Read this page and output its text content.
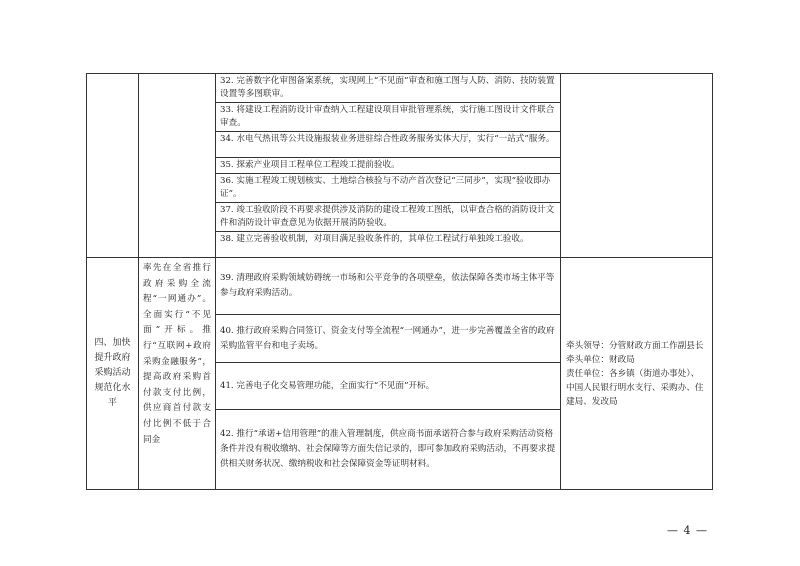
		32. 完善数字化审图备案系统，实现网上“不见面”审查和施工图与人防、消防、技防装置设置等多图联审。	
		33. 将建设工程消防设计审查纳入工程建设项目审批管理系统，实行施工图设计文件联合审查。	
		34. 水电气热讯等公共设施报装业务进驻综合性政务服务实体大厅，实行“一站式”服务。	
		35. 探索产业项目工程单位工程竣工提前验收。	
		36. 实施工程竣工规划核实、土地综合核验与不动产首次登记“三同步”，实现“验收即办证”。	
		37. 竣工验收阶段不再要求提供涉及消防的建设工程竣工图纸，以审查合格的消防设计文件和消防设计审查意见为依据开展消防验收。	
		38. 建立完善验收机制，对项目满足验收条件的，其单位工程试行单独竣工验收。	
四、加快提升政府采购活动规范化水平	率先在全省推行政府采购全流程“一网通办”。全面实行“不见面”开标。推行“互联网+政府采购金融服务”，提高政府采购首付款支付比例，供应商首付款支付比例不低于合同金	39. 清理政府采购领域妨碍统一市场和公平竞争的各项壁垒，依法保障各类市场主体平等参与政府采购活动。	牵头领导：分管财政方面工作副县长
牵头单位：财政局
责任单位：各乡镇（街道办事处）、中国人民银行明水支行、采购办、住建局、发改局

		40. 推行政府采购合同签订、资金支付等全流程“一网通办”，进一步完善覆盖全省的政府采购监管平台和电子卖场。	
		41. 完善电子化交易管理功能，全面实行“不见面”开标。	
		42. 推行“承诺+信用管理”的准入管理制度，供应商书面承诺符合参与政府采购活动资格条件并没有税收缴纳、社会保障等方面失信记录的，即可参加政府采购活动，不再要求提供相关财务状况、缴纳税收和社会保障资金等证明材料。	
— 4 —
